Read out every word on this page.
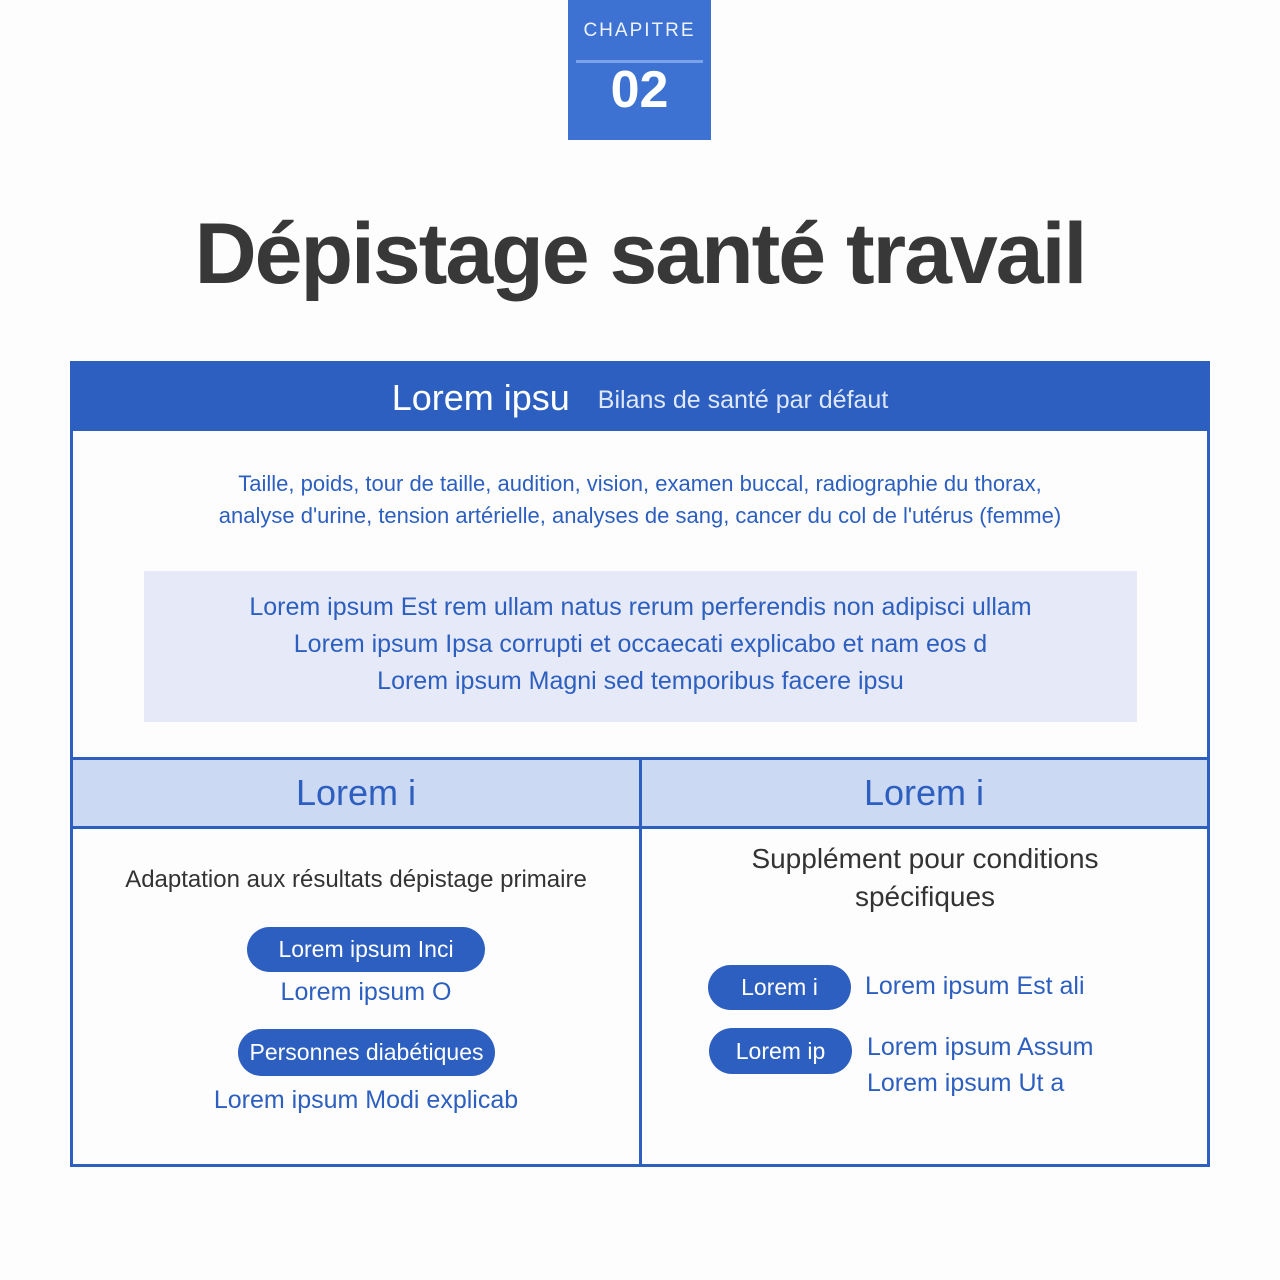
CHAPITRE
02
Dépistage santé travail
Lorem ipsu Bilans de santé par défaut
Taille, poids, tour de taille, audition, vision, examen buccal, radiographie du thorax,
analyse d'urine, tension artérielle, analyses de sang, cancer du col de l'utérus (femme)
Lorem ipsum Est rem ullam natus rerum perferendis non adipisci ullam
Lorem ipsum Ipsa corrupti et occaecati explicabo et nam eos d
Lorem ipsum Magni sed temporibus facere ipsu
Lorem i	Lorem i
Adaptation aux résultats dépistage primaire
Lorem ipsum Inci
Lorem ipsum O
Personnes diabétiques
Lorem ipsum Modi explicab
Supplément pour conditions
spécifiques
Lorem i	Lorem ipsum Est ali
Lorem ip	Lorem ipsum Assum
Lorem ipsum Ut a
